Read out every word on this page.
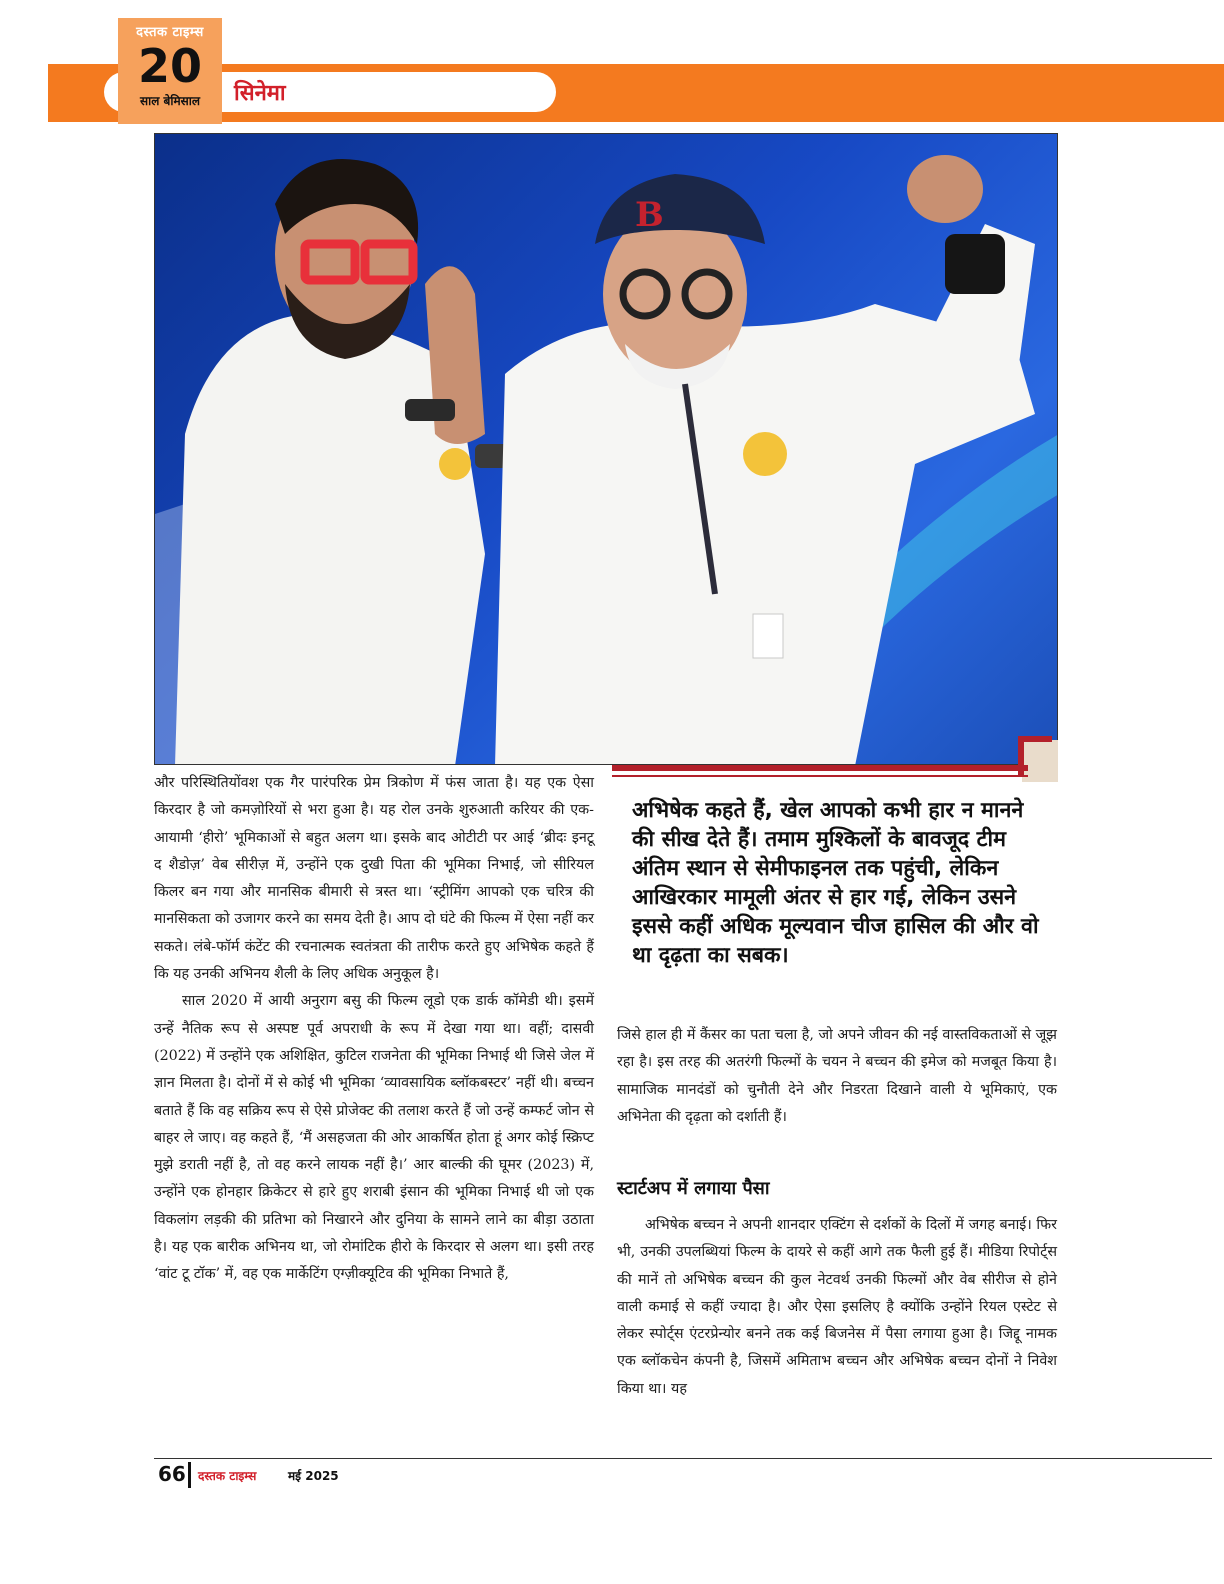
सिनेमा
दस्तक टाइम्स
20
साल बेमिसाल
B
अभिषेक कहते हैं, खेल आपको कभी हार न मानने की सीख देते हैं। तमाम मुश्किलों के बावजूद टीम अंतिम स्थान से सेमीफाइनल तक पहुंची, लेकिन आखिरकार मामूली अंतर से हार गई, लेकिन उसने इससे कहीं अधिक मूल्यवान चीज हासिल की और वो था दृढ़ता का सबक।

और परिस्थितियोंवश एक गैर पारंपरिक प्रेम त्रिकोण में फंस जाता है। यह एक ऐसा किरदार है जो कमज़ोरियों से भरा हुआ है। यह रोल उनके शुरुआती करियर की एक-आयामी ‘हीरो’ भूमिकाओं से बहुत अलग था। इसके बाद ओटीटी पर आई ‘ब्रीदः इनटू द शैडोज़’ वेब सीरीज़ में, उन्होंने एक दुखी पिता की भूमिका निभाई, जो सीरियल किलर बन गया और मानसिक बीमारी से त्रस्त था। ‘स्ट्रीमिंग आपको एक चरित्र की मानसिकता को उजागर करने का समय देती है। आप दो घंटे की फिल्म में ऐसा नहीं कर सकते। लंबे-फॉर्म कंटेंट की रचनात्मक स्वतंत्रता की तारीफ करते हुए अभिषेक कहते हैं कि यह उनकी अभिनय शैली के लिए अधिक अनुकूल है।

साल 2020 में आयी अनुराग बसु की फिल्म लूडो एक डार्क कॉमेडी थी। इसमें उन्हें नैतिक रूप से अस्पष्ट पूर्व अपराधी के रूप में देखा गया था। वहीं; दासवी (2022) में उन्होंने एक अशिक्षित, कुटिल राजनेता की भूमिका निभाई थी जिसे जेल में ज्ञान मिलता है। दोनों में से कोई भी भूमिका ‘व्यावसायिक ब्लॉकबस्टर’ नहीं थी। बच्चन बताते हैं कि वह सक्रिय रूप से ऐसे प्रोजेक्ट की तलाश करते हैं जो उन्हें कम्फर्ट जोन से बाहर ले जाए। वह कहते हैं, ‘मैं असहजता की ओर आकर्षित होता हूं अगर कोई स्क्रिप्ट मुझे डराती नहीं है, तो वह करने लायक नहीं है।’ आर बाल्की की घूमर (2023) में, उन्होंने एक होनहार क्रिकेटर से हारे हुए शराबी इंसान की भूमिका निभाई थी जो एक विकलांग लड़की की प्रतिभा को निखारने और दुनिया के सामने लाने का बीड़ा उठाता है। यह एक बारीक अभिनय था, जो रोमांटिक हीरो के किरदार से अलग था। इसी तरह ‘वांट टू टॉक’ में, वह एक मार्केटिंग एग्ज़ीक्यूटिव की भूमिका निभाते हैं,

जिसे हाल ही में कैंसर का पता चला है, जो अपने जीवन की नई वास्तविकताओं से जूझ रहा है। इस तरह की अतरंगी फिल्मों के चयन ने बच्चन की इमेज को मजबूत किया है। सामाजिक मानदंडों को चुनौती देने और निडरता दिखाने वाली ये भूमिकाएं, एक अभिनेता की दृढ़ता को दर्शाती हैं।

स्टार्टअप में लगाया पैसा

अभिषेक बच्चन ने अपनी शानदार एक्टिंग से दर्शकों के दिलों में जगह बनाई। फिर भी, उनकी उपलब्धियां फिल्म के दायरे से कहीं आगे तक फैली हुई हैं। मीडिया रिपोर्ट्स की मानें तो अभिषेक बच्चन की कुल नेटवर्थ उनकी फिल्मों और वेब सीरीज से होने वाली कमाई से कहीं ज्यादा है। और ऐसा इसलिए है क्योंकि उन्होंने रियल एस्टेट से लेकर स्पोर्ट्स एंटरप्रेन्योर बनने तक कई बिजनेस में पैसा लगाया हुआ है। जिद्दू नामक एक ब्लॉकचेन कंपनी है, जिसमें अमिताभ बच्चन और अभिषेक बच्चन दोनों ने निवेश किया था। यह

66 दस्तक टाइम्स	मई 2025
